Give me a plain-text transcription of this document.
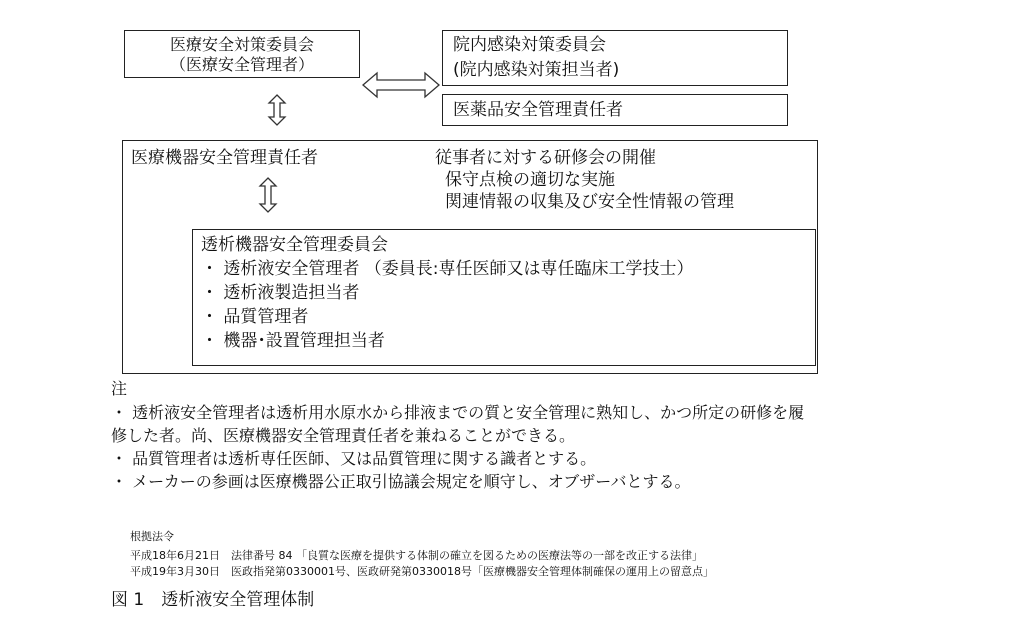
医療安全対策委員会
（医療安全管理者）
院内感染対策委員会
(院内感染対策担当者)
医薬品安全管理責任者
医療機器安全管理責任者	従事者に対する研修会の開催
保守点検の適切な実施
関連情報の収集及び安全性情報の管理
透析機器安全管理委員会
・ 透析液安全管理者 （委員長:専任医師又は専任臨床工学技士）
・ 透析液製造担当者
・ 品質管理者
・ 機器･設置管理担当者
注
・ 透析液安全管理者は透析用水原水から排液までの質と安全管理に熟知し、かつ所定の研修を履
修した者。尚、医療機器安全管理責任者を兼ねることができる。
・ 品質管理者は透析専任医師、又は品質管理に関する識者とする。
・ メーカーの参画は医療機器公正取引協議会規定を順守し、オブザーバとする。
根拠法令
平成18年6月21日　法律番号 84 「良質な医療を提供する体制の確立を図るための医療法等の一部を改正する法律」
平成19年3月30日　医政指発第0330001号、医政研発第0330018号「医療機器安全管理体制確保の運用上の留意点」
図 1　透析液安全管理体制
